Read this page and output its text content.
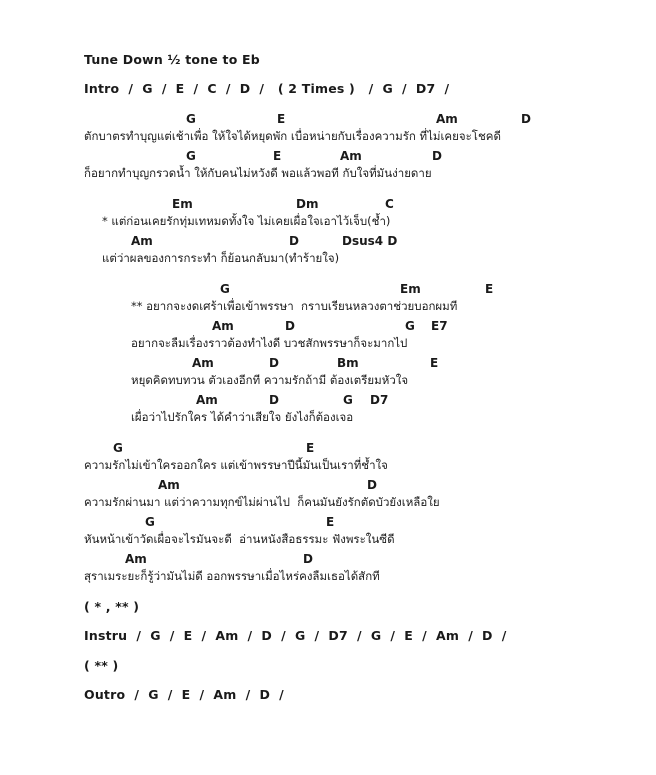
Tune Down ½ tone to Eb
Intro  /  G  /  E  /  C  /  D  /   ( 2 Times )   /  G  /  D7  /
G	E	Am	D
ตักบาตรทำบุญแต่เช้าเพื่อ ให้ใจได้หยุดพัก เบื่อหน่ายกับเรื่องความรัก ที่ไม่เคยจะโชคดี
G	E	Am	D
ก็อยากทำบุญกรวดน้ำ ให้กับคนไม่หวังดี พอแล้วพอที กับใจที่มันง่ายดาย
Em	Dm	C
* แต่ก่อนเคยรักทุ่มเทหมดทั้งใจ ไม่เคยเผื่อใจเอาไว้เจ็บ(ช้ำ)
Am	D	Dsus4 D
แต่ว่าผลของการกระทำ ก็ย้อนกลับมา(ทำร้ายใจ)
G	Em	E
** อยากจะงดเศร้าเพื่อเข้าพรรษา  กราบเรียนหลวงตาช่วยบอกผมที
Am	D	G E7
อยากจะลืมเรื่องราวต้องทำไงดี บวชสักพรรษาก็จะมากไป
Am	D	Bm	E
หยุดคิดทบทวน ตัวเองอีกที ความรักถ้ามี ต้องเตรียมหัวใจ
Am	D	G D7
เผื่อว่าไปรักใคร ได้คำว่าเสียใจ ยังไงก็ต้องเจอ
G	E
ความรักไม่เข้าใครออกใคร แต่เข้าพรรษาปีนี้มันเป็นเราที่ช้ำใจ
Am	D
ความรักผ่านมา แต่ว่าความทุกข์ไม่ผ่านไป  ก็คนมันยังรักตัดบัวยังเหลือใย
G	E
หันหน้าเข้าวัดเผื่อจะไรมันจะดี  อ่านหนังสือธรรมะ ฟังพระในซีดี
Am	D
สุราเมระยะก็รู้ว่ามันไม่ดี ออกพรรษาเมื่อไหร่คงลืมเธอได้สักที
( * , ** )
Instru  /  G  /  E  /  Am  /  D  /  G  /  D7  /  G  /  E  /  Am  /  D  /
( ** )
Outro  /  G  /  E  /  Am  /  D  /
